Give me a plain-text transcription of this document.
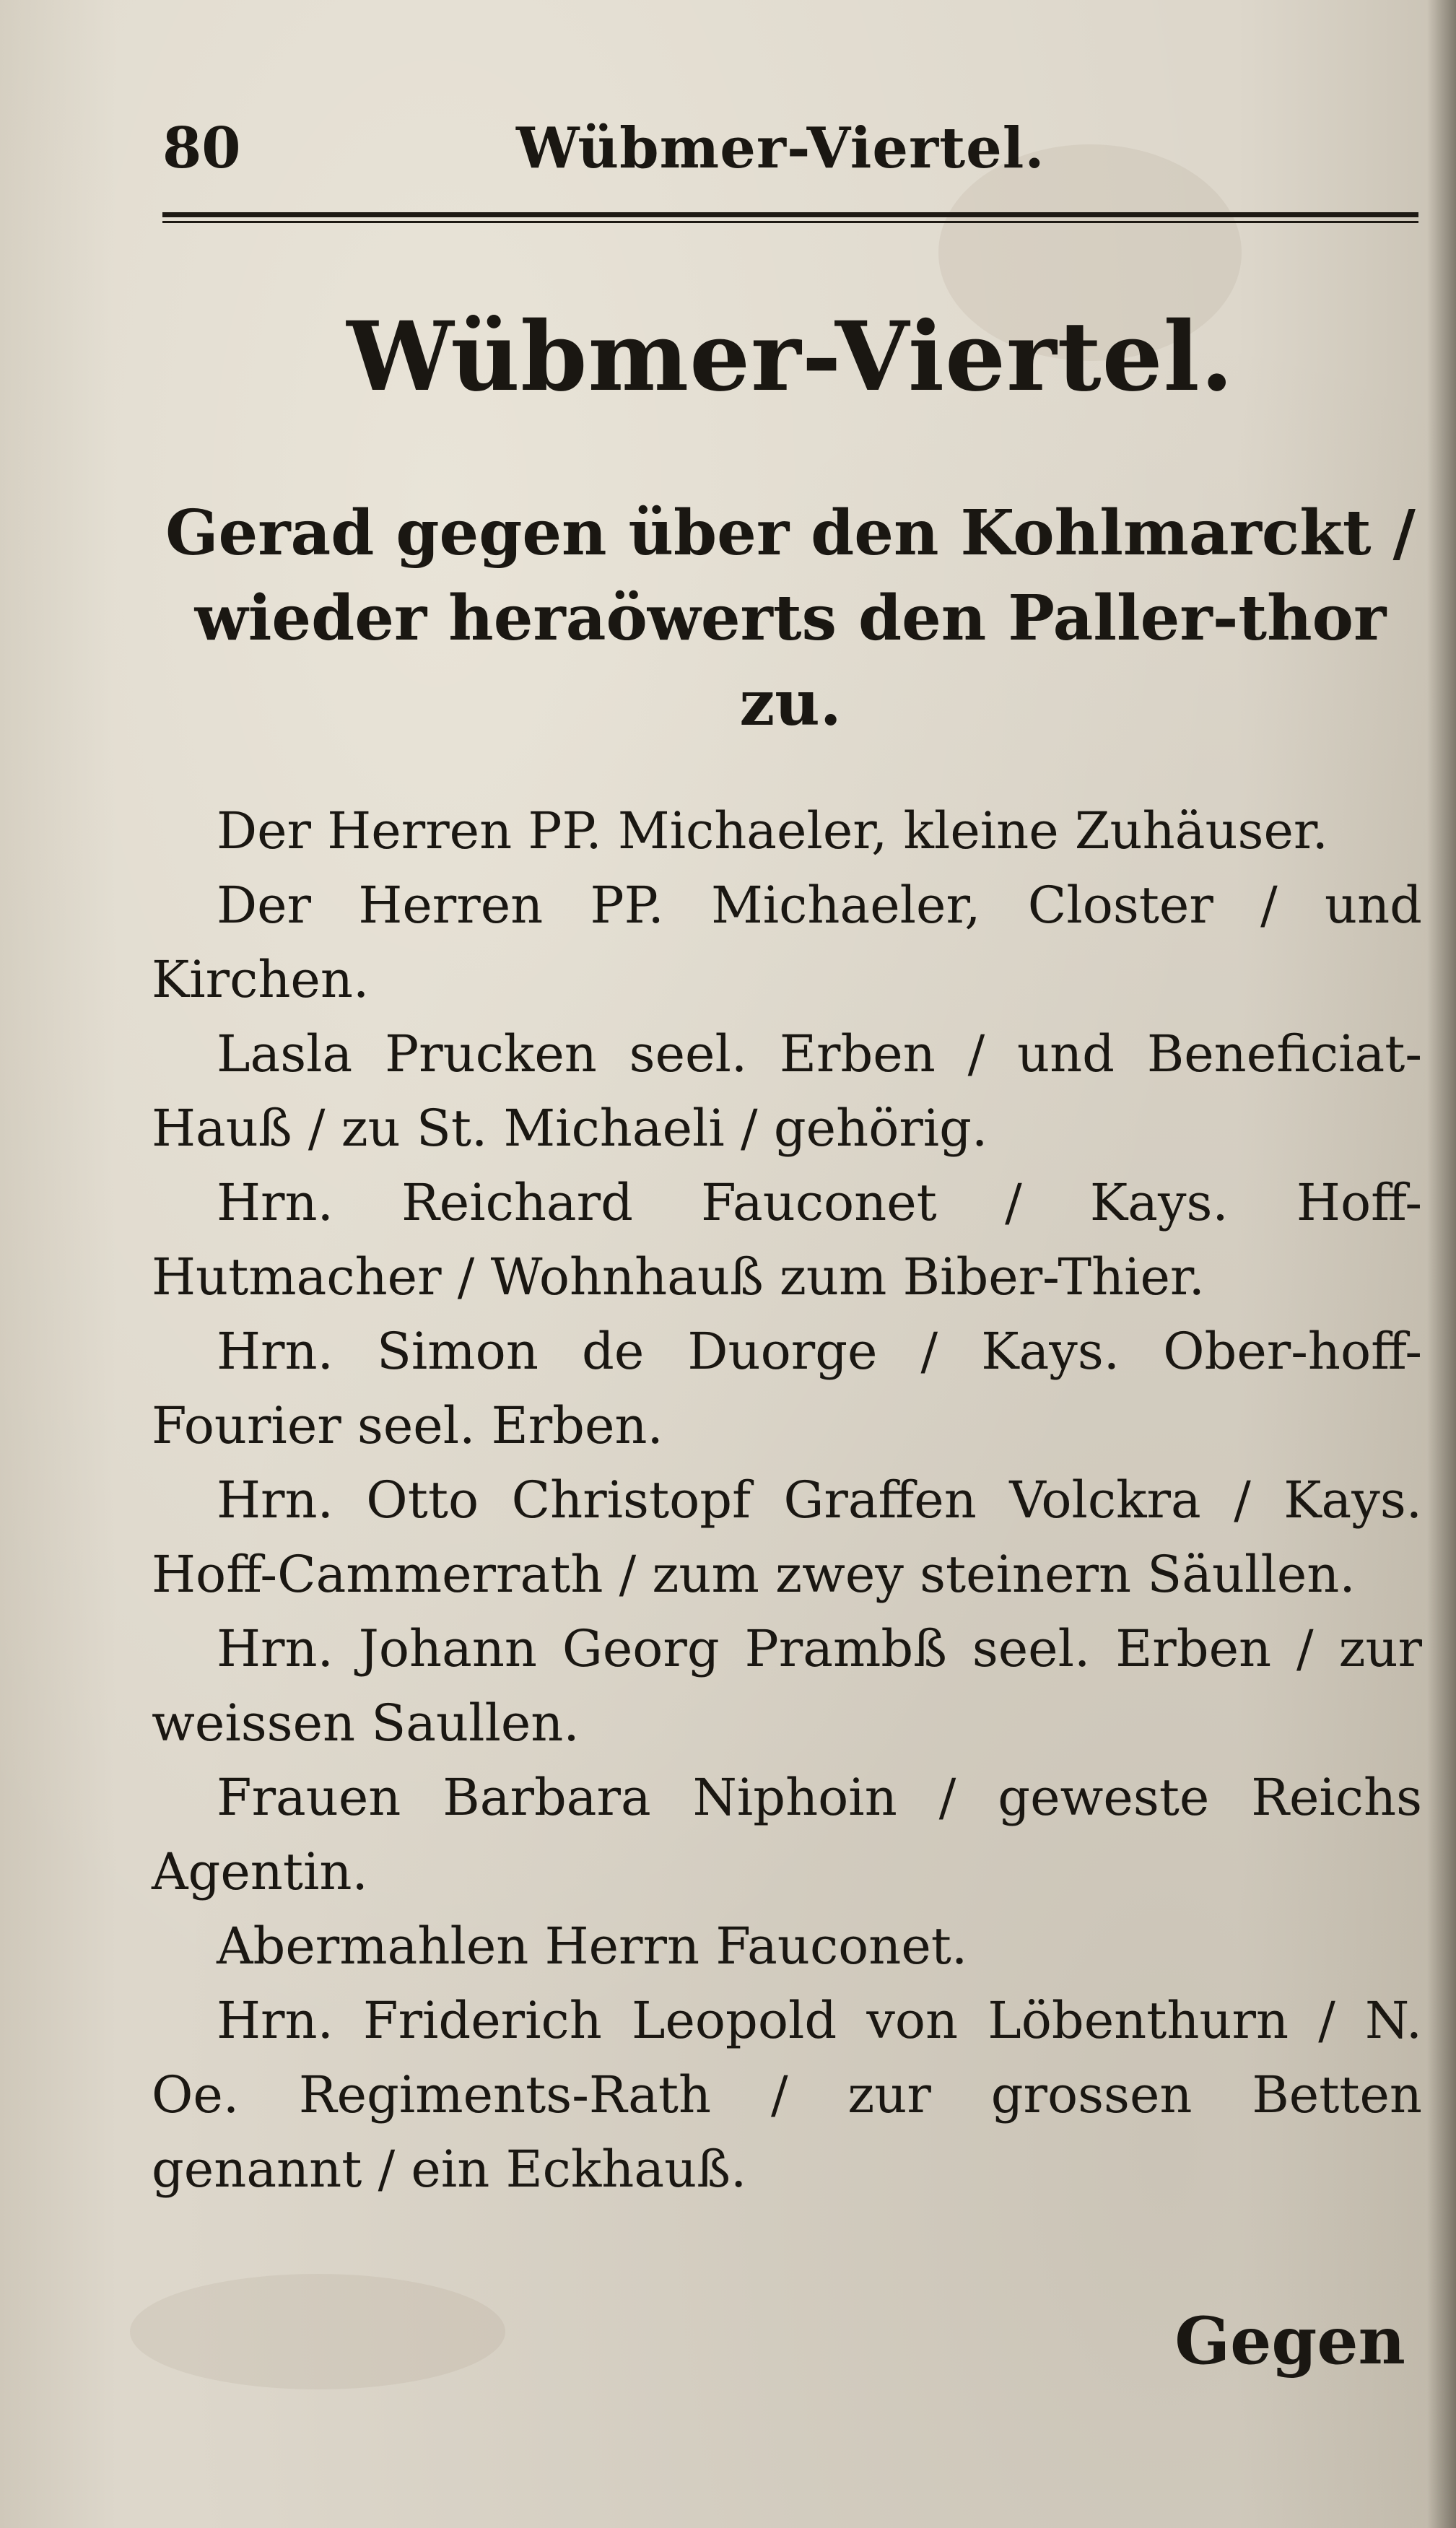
80	Wübmer-Viertel.
Wübmer-Viertel.
Gerad gegen über den Kohlmarckt / wieder heraöwerts den Paller-thor zu.

Der Herren PP. Michaeler, kleine Zuhäuser.

Der Herren PP. Michaeler, Closter / und Kirchen.

Lasla Prucken seel. Erben / und Beneficiat-Hauß / zu St. Michaeli / gehörig.

Hrn. Reichard Fauconet / Kays. Hoff-Hutmacher / Wohnhauß zum Biber-Thier.

Hrn. Simon de Duorge / Kays. Ober-hoff-Fourier seel. Erben.

Hrn. Otto Christopf Graffen Volckra / Kays. Hoff-Cammerrath / zum zwey steinern Säullen.

Hrn. Johann Georg Prambß seel. Erben / zur weissen Saullen.

Frauen Barbara Niphoin / geweste Reichs Agentin.

Abermahlen Herrn Fauconet.

Hrn. Friderich Leopold von Löbenthurn / N. Oe. Regiments-Rath / zur grossen Betten genannt / ein Eckhauß.

Gegen
